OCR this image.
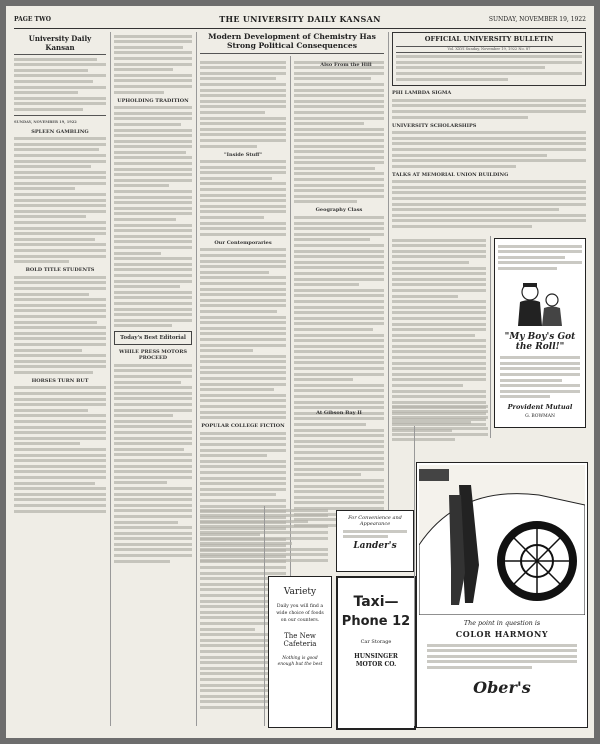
PAGE TWO	THE UNIVERSITY DAILY KANSAN	SUNDAY, NOVEMBER 19, 1922
University Daily Kansan
SUNDAY, NOVEMBER 19, 1922
SPLEEN GAMBLING
BOLD TITLE STUDENTS
HORSES TURN BUT
UPHOLDING TRADITION
Today's Best Editorial
WHILE PRESS MOTORS PROCEED
Modern Development of Chemistry Has Strong Political Consequences
"Inside Stuff"
Our Contemporaries
POPULAR COLLEGE FICTION
Geography Class
OFFICIAL UNIVERSITY BULLETIN
Vol. XXVI Sunday, November 19, 1922 No. 87
PHI LAMBDA SIGMA
UNIVERSITY SCHOLARSHIPS
TALKS AT MEMORIAL UNION BUILDING
"My Boy's Got the Roll!"
Provident Mutual
G. BOWMAN
Variety
Daily you will find a wide choice of foods on our counters.
The New Cafeteria
Nothing is good enough but the best
Taxi—
Phone 12
Car Storage
HUNSINGER MOTOR CO.
For Convenience and Appearance
Lander's
The point in question is
COLOR HARMONY
Ober's
Also From the Hill
At Gibson Bay II
